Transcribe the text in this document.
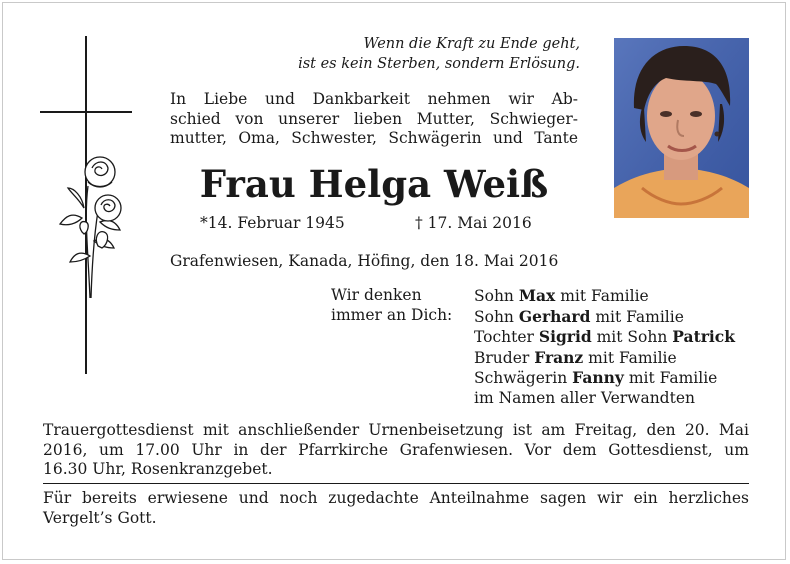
Wenn die Kraft zu Ende geht,
ist es kein Sterben, sondern Erlösung.
In Liebe und Dankbarkeit nehmen wir Ab-
schied von unserer lieben Mutter, Schwieger-
mutter, Oma, Schwester, Schwägerin und Tante
Frau Helga Weiß
*14. Februar 1945	† 17. Mai 2016
Grafenwiesen, Kanada, Höfing, den 18. Mai 2016
Wir denken
immer an Dich:
Sohn Max mit Familie
Sohn Gerhard mit Familie
Tochter Sigrid mit Sohn Patrick
Bruder Franz mit Familie
Schwägerin Fanny mit Familie
im Namen aller Verwandten
Trauergottesdienst mit anschließender Urnenbeisetzung ist am Freitag, den 20. Mai
2016, um 17.00 Uhr in der Pfarrkirche Grafenwiesen. Vor dem Gottesdienst, um
16.30 Uhr, Rosenkranzgebet.
Für bereits erwiesene und noch zugedachte Anteilnahme sagen wir ein herzliches
Vergelt’s Gott.
